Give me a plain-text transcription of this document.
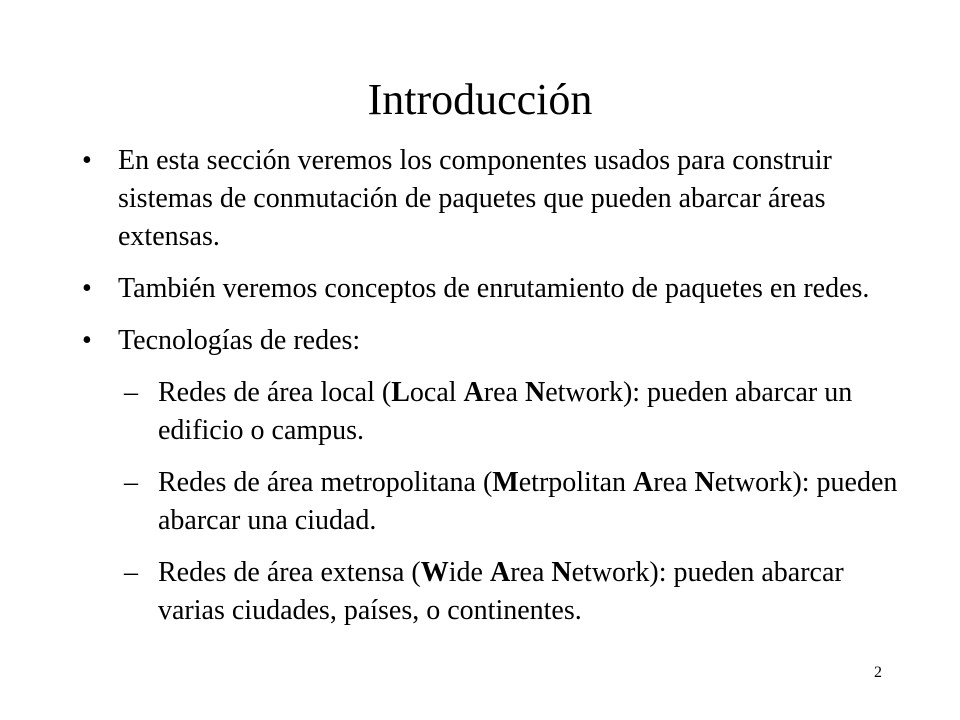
Introducción
• En esta sección veremos los componentes usados para construir sistemas de conmutación de paquetes que pueden abarcar áreas extensas.
• También veremos conceptos de enrutamiento de paquetes en redes.
• Tecnologías de redes:
– Redes de área local (Local Area Network): pueden abarcar un edificio o campus.
– Redes de área metropolitana (Metrpolitan Area Network): pueden abarcar una ciudad.
– Redes de área extensa (Wide Area Network): pueden abarcar varias ciudades, países, o continentes.
2
